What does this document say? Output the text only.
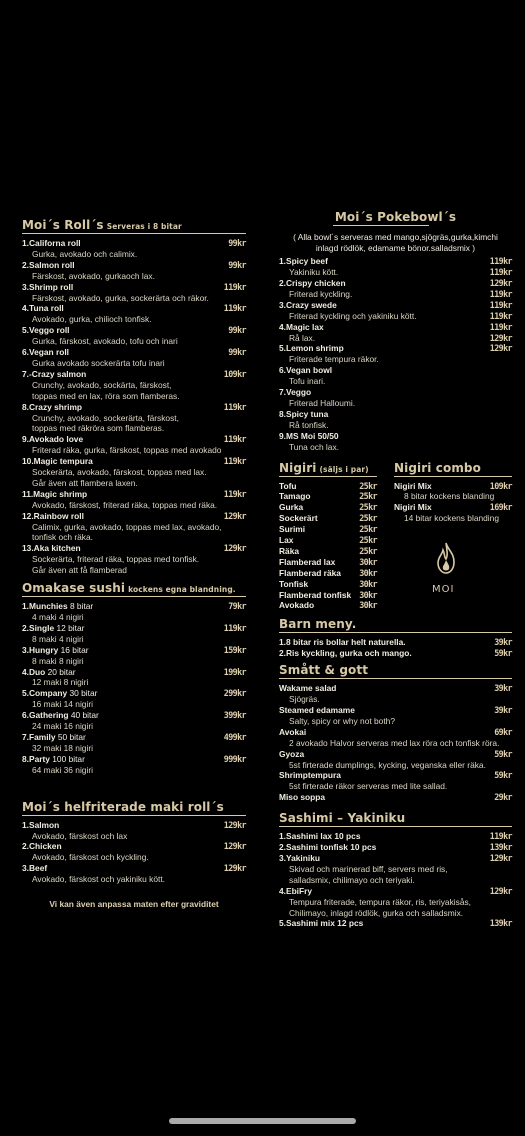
Moi´s Roll´s Serveras i 8 bitar
1.Californa roll	99kr
Gurka, avokado och calimix.
2.Salmon roll	99kr
Färskost, avokado, gurkaoch lax.
3.Shrimp roll	119kr
Färskost, avokado, gurka, sockerärta och räkor.
4.Tuna roll	119kr
Avokado, gurka, chilioch tonfisk.
5.Veggo roll	99kr
Gurka, färskost, avokado, tofu och inari
6.Vegan roll	99kr
Gurka avokado sockerärta tofu inari
7.-Crazy salmon	109kr
Crunchy, avokado, sockärta, färskost,
toppas med en lax, röra som flamberas.
8.Crazy shrimp	119kr
Crunchy, avokado, sockerärta, färskost,
toppas med räkröra som flamberas.
9.Avokado love	119kr
Friterad räka, gurka, färskost, toppas med avokado
10.Magic tempura	119kr
Sockerärta, avokado, färskost, toppas med lax.
Går även att flambera laxen.
11.Magic shrimp	119kr
Avokado, färskost, friterad räka, toppas med räka.
12.Rainbow roll	129kr
Calimix, gurka, avokado, toppas med lax, avokado,
tonfisk och räka.
13.Aka kitchen	129kr
Sockerärta, friterad räka, toppas med tonfisk.
Går även att få flamberad
Omakase sushi kockens egna blandning.
1.Munchies 8 bitar	79kr
4 maki 4 nigiri
2.Single 12 bitar	119kr
8 maki 4 nigiri
3.Hungry 16 bitar	159kr
8 maki 8 nigiri
4.Duo 20 bitar	199kr
12 maki 8 nigiri
5.Company 30 bitar	299kr
16 maki 14 nigiri
6.Gathering 40 bitar	399kr
24 maki 16 nigiri
7.Family 50 bitar	499kr
32 maki 18 nigiri
8.Party 100 bitar	999kr
64 maki 36 nigiri
Moi´s helfriterade maki roll´s
1.Salmon	129kr
Avokado, färskost och lax
2.Chicken	129kr
Avokado, färskost och kyckling.
3.Beef	129kr
Avokado, färskost och yakiniku kött.
Vi kan även anpassa maten efter graviditet
Moi´s Pokebowl´s
( Alla bowl´s serveras med mango,sjögräs,gurka,kimchi
inlagd rödlök, edamame bönor.salladsmix )
1.Spicy beef	119kr
Yakiniku kött.	119kr
2.Crispy chicken	129kr
Friterad kyckling.	119kr
3.Crazy swede	119kr
Friterad kyckling och yakiniku kött.	119kr
4.Magic lax	119kr
Rå lax.	129kr
5.Lemon shrimp	129kr
Friterade tempura räkor.
6.Vegan bowl
Tofu inari.
7.Veggo
Friterad Halloumi.
8.Spicy tuna
Rå tonfisk.
9.MS Moi 50/50
Tuna och lax.
Nigiri (säljs i par)
Tofu	25kr
Tamago	25kr
Gurka	25kr
Sockerärt	25kr
Surimi	25kr
Lax	25kr
Räka	25kr
Flamberad lax	30kr
Flamberad räka	30kr
Tonfisk	30kr
Flamberad tonfisk 30kr
Avokado	30kr
Nigiri combo
Nigiri Mix	109kr
8 bitar kockens blanding
Nigiri Mix	169kr
14 bitar kockens blanding
MOI
Barn meny.
1.8 bitar ris bollar helt naturella.	39kr
2.Ris kyckling, gurka och mango.	59kr
Smått & gott
Wakame salad	39kr
Sjögräs.
Steamed edamame	39kr
Salty, spicy or why not both?
Avokai	69kr
2 avokado Halvor serveras med lax röra och tonfisk röra.
Gyoza	59kr
5st firterade dumplings, kycking, veganska eller räka.
Shrimptempura	59kr
5st firterade räkor serveras med lite sallad.
Miso soppa	29kr
Sashimi – Yakiniku
1.Sashimi lax 10 pcs	119kr
2.Sashimi tonfisk 10 pcs	139kr
3.Yakiniku	129kr
Skivad och marinerad biff, servers med ris,
salladsmix, chilimayo och teriyaki.
4.EbiFry	129kr
Tempura friterade, tempura räkor, ris, teriyakisås,
Chilimayo, inlagd rödlök, gurka och salladsmix.
5.Sashimi mix 12 pcs	139kr
